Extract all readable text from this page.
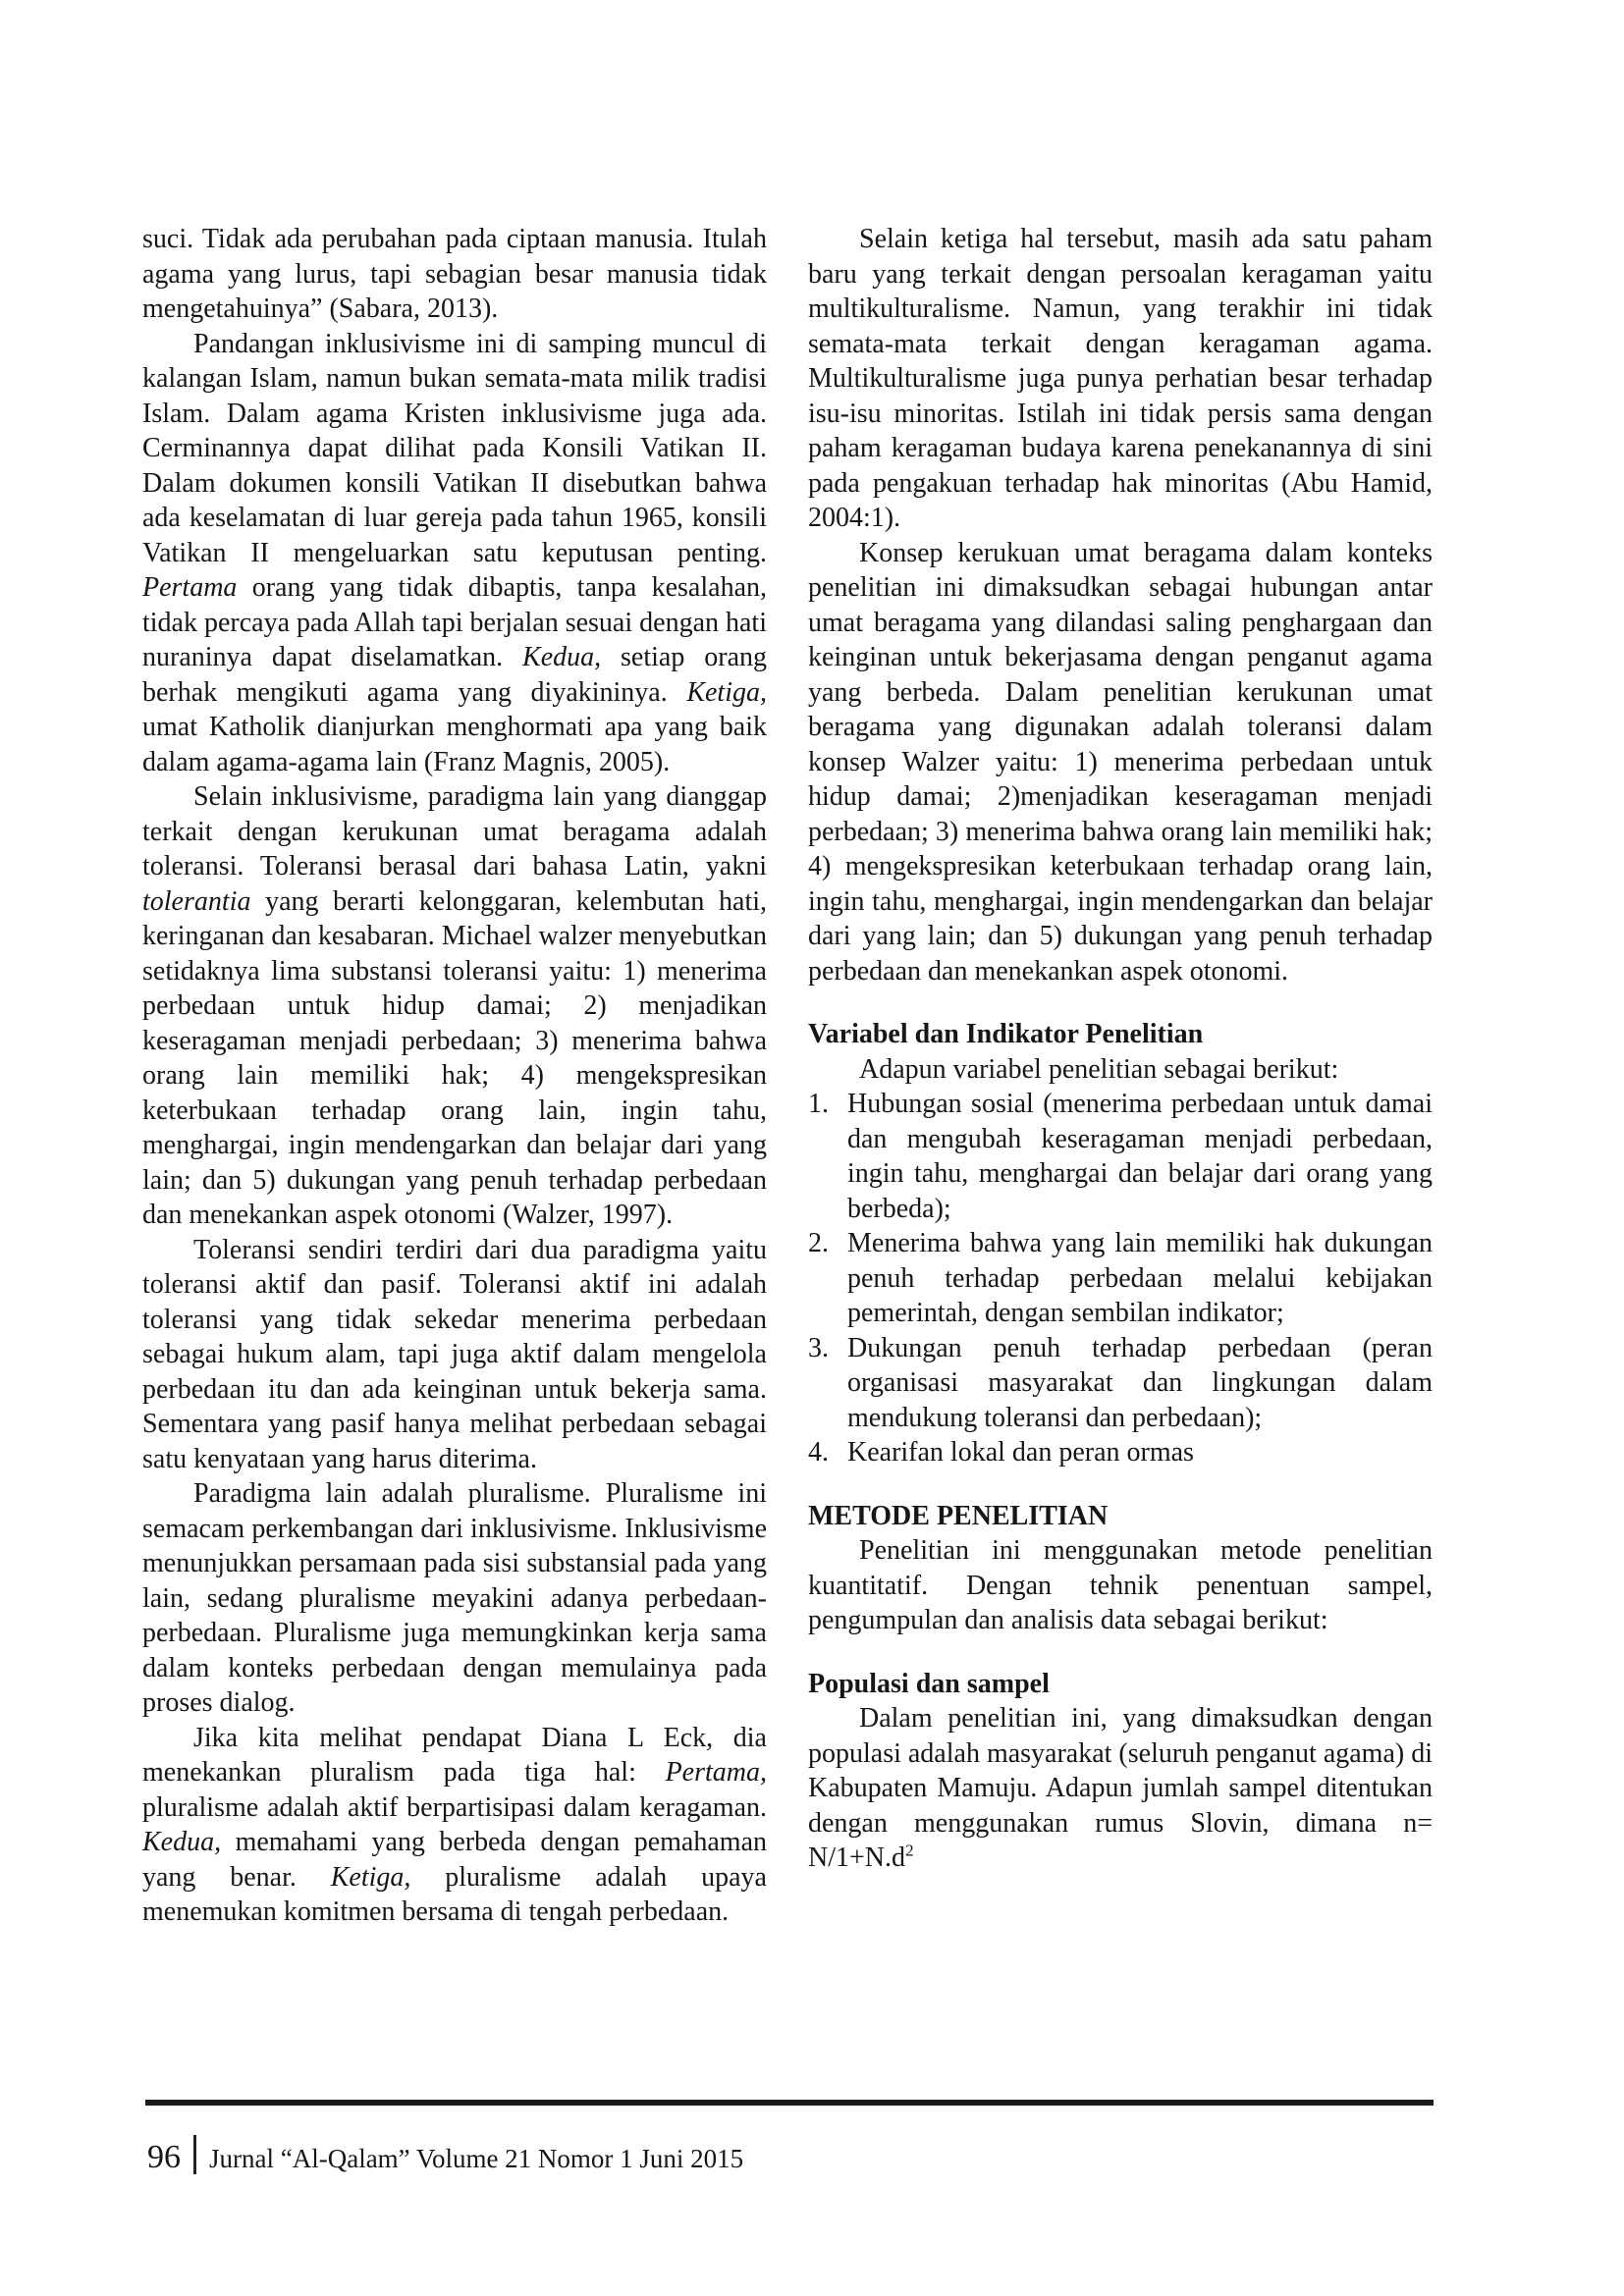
suci. Tidak ada perubahan pada ciptaan manusia. Itulah agama yang lurus, tapi sebagian besar manusia tidak mengetahuinya” (Sabara, 2013).

Pandangan inklusivisme ini di samping muncul di kalangan Islam, namun bukan semata-mata milik tradisi Islam. Dalam agama Kristen inklusivisme juga ada. Cerminannya dapat dilihat pada Konsili Vatikan II. Dalam dokumen konsili Vatikan II disebutkan bahwa ada keselamatan di luar gereja pada tahun 1965, konsili Vatikan II mengeluarkan satu keputusan penting. Pertama orang yang tidak dibaptis, tanpa kesalahan, tidak percaya pada Allah tapi berjalan sesuai dengan hati nuraninya dapat diselamatkan. Kedua, setiap orang berhak mengikuti agama yang diyakininya. Ketiga, umat Katholik dianjurkan menghormati apa yang baik dalam agama-agama lain (Franz Magnis, 2005).

Selain inklusivisme, paradigma lain yang dianggap terkait dengan kerukunan umat beragama adalah toleransi. Toleransi berasal dari bahasa Latin, yakni tolerantia yang berarti kelonggaran, kelembutan hati, keringanan dan kesabaran. Michael walzer menyebutkan setidaknya lima substansi toleransi yaitu: 1) menerima perbedaan untuk hidup damai; 2) menjadikan keseragaman menjadi perbedaan; 3) menerima bahwa orang lain memiliki hak; 4) mengekspresikan keterbukaan terhadap orang lain, ingin tahu, menghargai, ingin mendengarkan dan belajar dari yang lain; dan 5) dukungan yang penuh terhadap perbedaan dan menekankan aspek otonomi (Walzer, 1997).

Toleransi sendiri terdiri dari dua paradigma yaitu toleransi aktif dan pasif. Toleransi aktif ini adalah toleransi yang tidak sekedar menerima perbedaan sebagai hukum alam, tapi juga aktif dalam mengelola perbedaan itu dan ada keinginan untuk bekerja sama. Sementara yang pasif hanya melihat perbedaan sebagai satu kenyataan yang harus diterima.

Paradigma lain adalah pluralisme. Pluralisme ini semacam perkembangan dari inklusivisme. Inklusivisme menunjukkan persamaan pada sisi substansial pada yang lain, sedang pluralisme meyakini adanya perbedaan-perbedaan. Pluralisme juga memungkinkan kerja sama dalam konteks perbedaan dengan memulainya pada proses dialog.

Jika kita melihat pendapat Diana L Eck, dia menekankan pluralism pada tiga hal: Pertama, pluralisme adalah aktif berpartisipasi dalam keragaman. Kedua, memahami yang berbeda dengan pemahaman yang benar. Ketiga, pluralisme adalah upaya menemukan komitmen bersama di tengah perbedaan.

Selain ketiga hal tersebut, masih ada satu paham baru yang terkait dengan persoalan keragaman yaitu multikulturalisme. Namun, yang terakhir ini tidak semata-mata terkait dengan keragaman agama. Multikulturalisme juga punya perhatian besar terhadap isu-isu minoritas. Istilah ini tidak persis sama dengan paham keragaman budaya karena penekanannya di sini pada pengakuan terhadap hak minoritas (Abu Hamid, 2004:1).

Konsep kerukuan umat beragama dalam konteks penelitian ini dimaksudkan sebagai hubungan antar umat beragama yang dilandasi saling penghargaan dan keinginan untuk bekerjasama dengan penganut agama yang berbeda. Dalam penelitian kerukunan umat beragama yang digunakan adalah toleransi dalam konsep Walzer yaitu: 1) menerima perbedaan untuk hidup damai; 2)menjadikan keseragaman menjadi perbedaan; 3) menerima bahwa orang lain memiliki hak; 4) mengekspresikan keterbukaan terhadap orang lain, ingin tahu, menghargai, ingin mendengarkan dan belajar dari yang lain; dan 5) dukungan yang penuh terhadap perbedaan dan menekankan aspek otonomi.

Variabel dan Indikator Penelitian

Adapun variabel penelitian sebagai berikut:

1. Hubungan sosial (menerima perbedaan untuk damai dan mengubah keseragaman menjadi perbedaan, ingin tahu, menghargai dan belajar dari orang yang berbeda);
2. Menerima bahwa yang lain memiliki hak dukungan penuh terhadap perbedaan melalui kebijakan pemerintah, dengan sembilan indikator;
3. Dukungan penuh terhadap perbedaan (peran organisasi masyarakat dan lingkungan dalam mendukung toleransi dan perbedaan);
4. Kearifan lokal dan peran ormas
METODE PENELITIAN

Penelitian ini menggunakan metode penelitian kuantitatif. Dengan tehnik penentuan sampel, pengumpulan dan analisis data sebagai berikut:

Populasi dan sampel

Dalam penelitian ini, yang dimaksudkan dengan populasi adalah masyarakat (seluruh penganut agama) di Kabupaten Mamuju. Adapun jumlah sampel ditentukan dengan menggunakan rumus Slovin, dimana $n= N/1+N.d^2$

96 Jurnal “Al-Qalam” Volume 21 Nomor 1 Juni 2015
